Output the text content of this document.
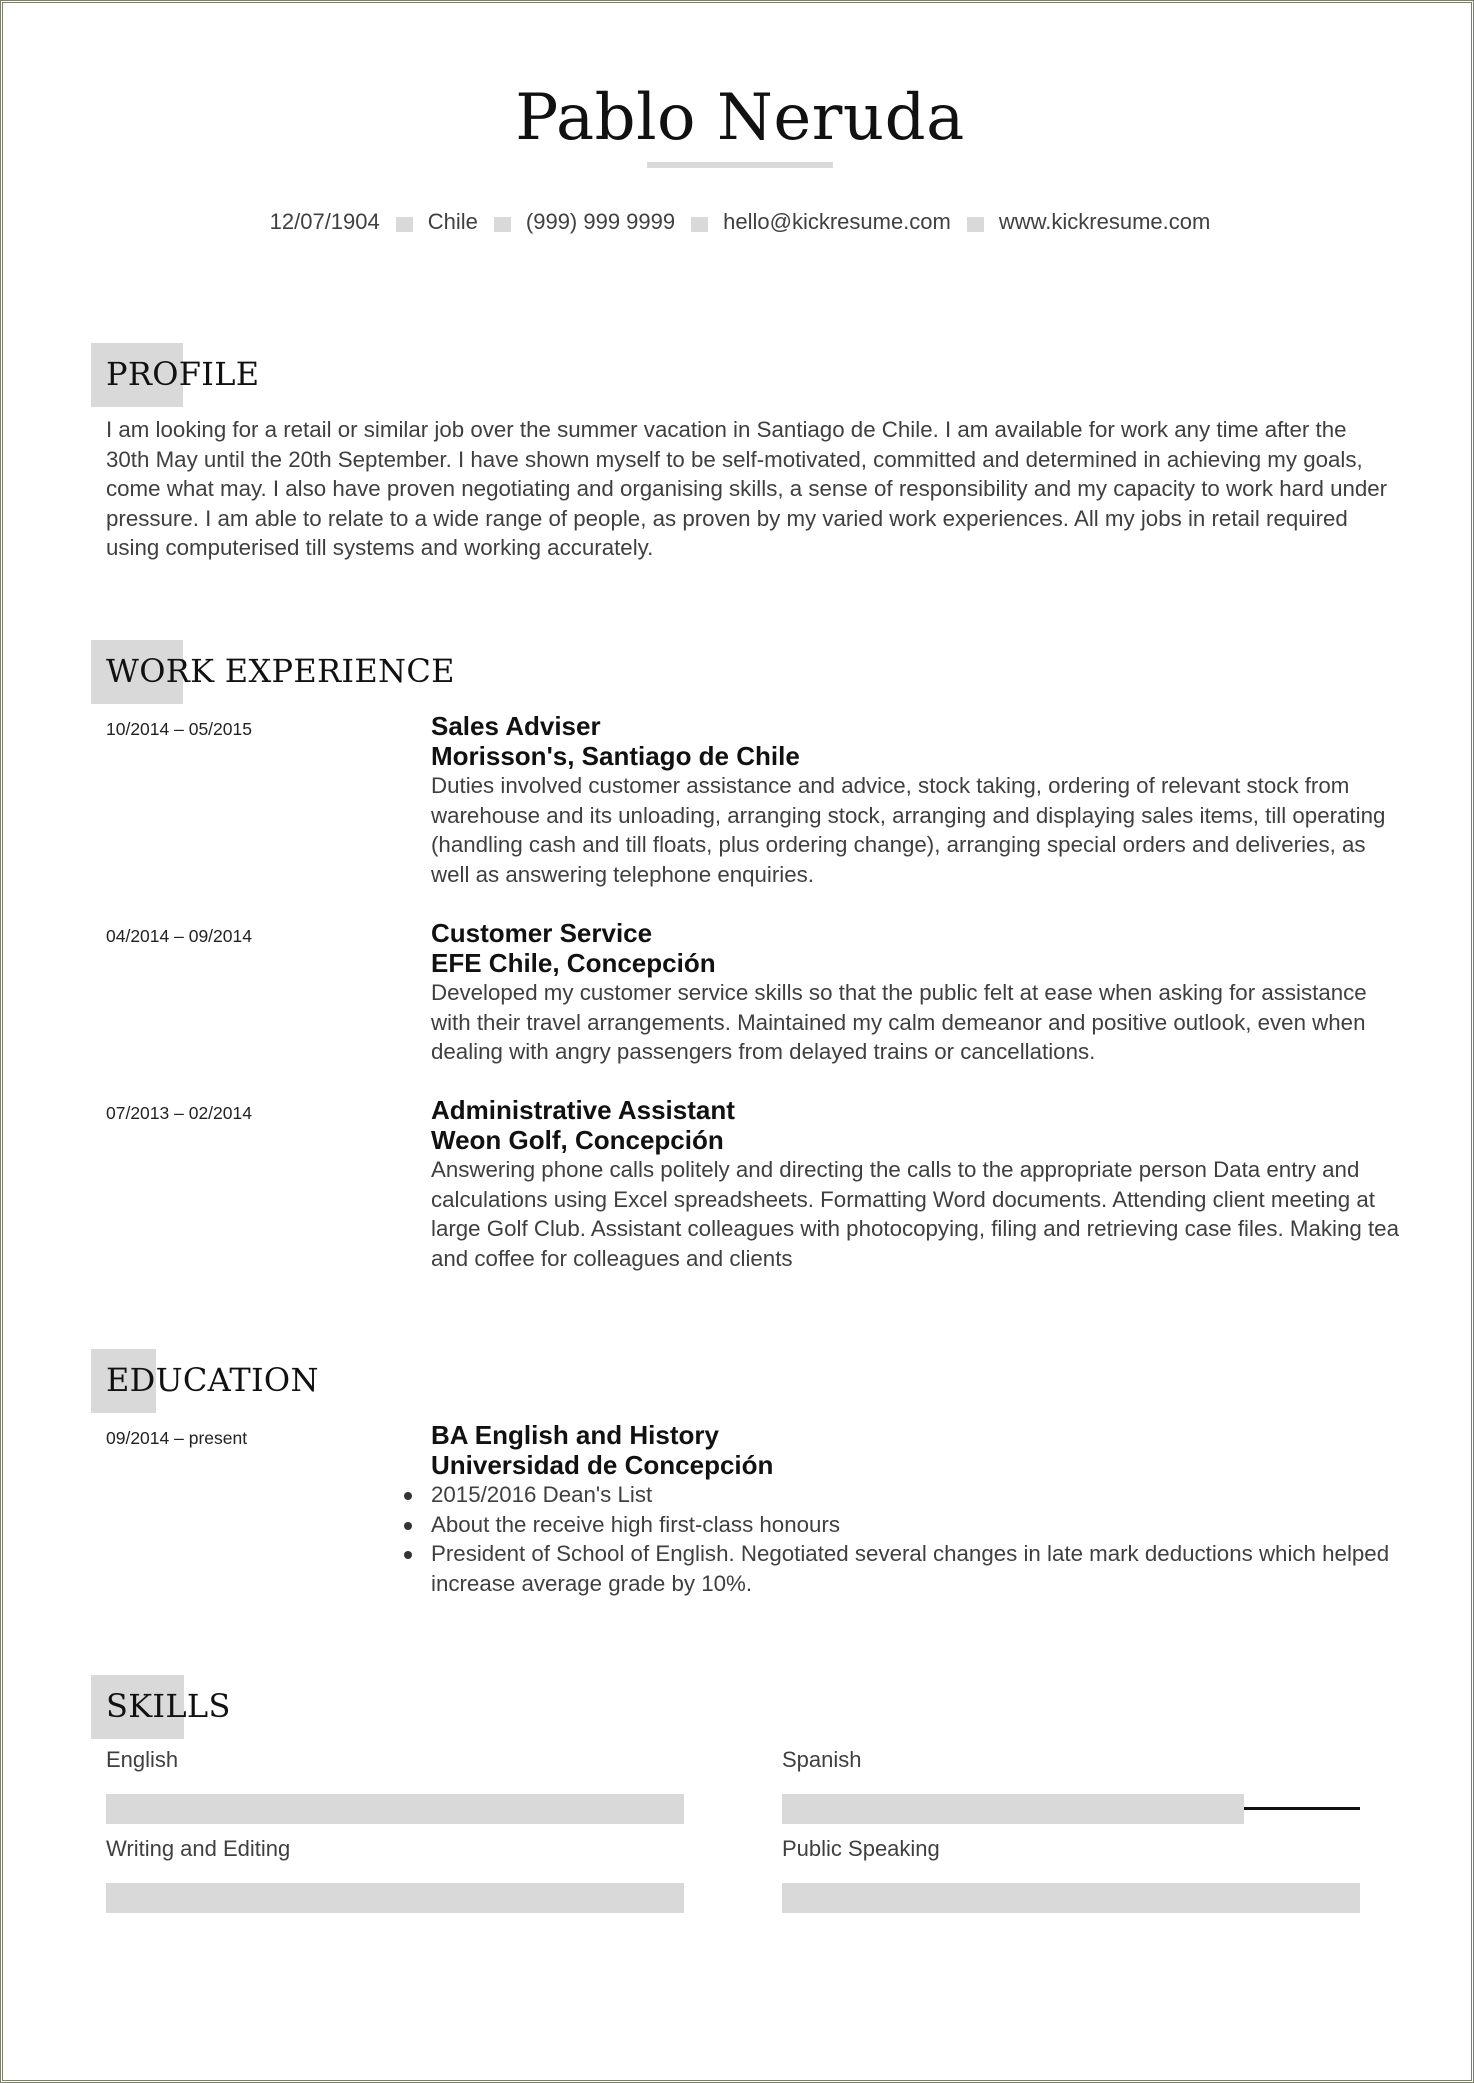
Pablo Neruda
12/07/1904 Chile (999) 999 9999 hello@kickresume.com www.kickresume.com
PROFILE

I am looking for a retail or similar job over the summer vacation in Santiago de Chile. I am available for work any time after the 30th May until the 20th September. I have shown myself to be self-motivated, committed and determined in achieving my goals, come what may. I also have proven negotiating and organising skills, a sense of responsibility and my capacity to work hard under pressure. I am able to relate to a wide range of people, as proven by my varied work experiences. All my jobs in retail required using computerised till systems and working accurately.

WORK EXPERIENCE
10/2014 – 05/2015	Sales Adviser
Morisson's, Santiago de Chile
Duties involved customer assistance and advice, stock taking, ordering of relevant stock from warehouse and its unloading, arranging stock, arranging and displaying sales items, till operating (handling cash and till floats, plus ordering change), arranging special orders and deliveries, as well as answering telephone enquiries.
04/2014 – 09/2014	Customer Service
EFE Chile, Concepción
Developed my customer service skills so that the public felt at ease when asking for assistance with their travel arrangements. Maintained my calm demeanor and positive outlook, even when dealing with angry passengers from delayed trains or cancellations.
07/2013 – 02/2014	Administrative Assistant
Weon Golf, Concepción
Answering phone calls politely and directing the calls to the appropriate person Data entry and calculations using Excel spreadsheets. Formatting Word documents. Attending client meeting at large Golf Club. Assistant colleagues with photocopying, filing and retrieving case files. Making tea and coffee for colleagues and clients
EDUCATION
09/2014 – present	BA English and History
Universidad de Concepción
2015/2016 Dean's List
About the receive high first-class honours
President of School of English. Negotiated several changes in late mark deductions which helped increase average grade by 10%.
SKILLS
English	Spanish
Writing and Editing	Public Speaking
